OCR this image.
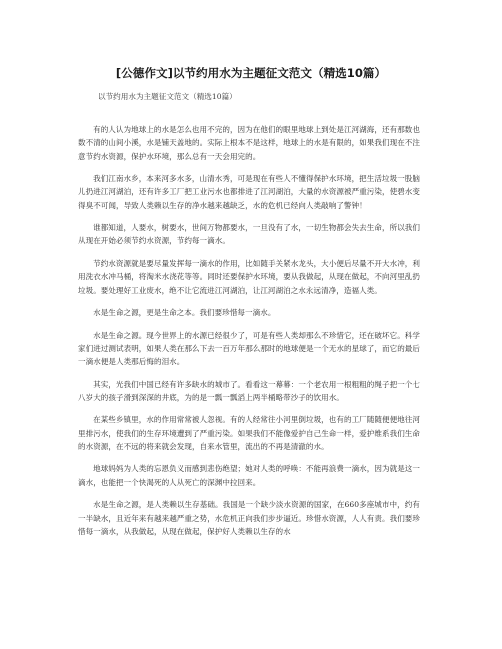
[公德作文]以节约用水为主题征文范文（精选10篇）
以节约用水为主题征文范文（精选10篇）

有的人认为地球上的水是怎么也用不完的，因为在他们的眼里地球上到处是江河湖海，还有那数也数不清的山间小溪，水是铺天盖地的。实际上根本不是这样，地球上的水是有限的，如果我们现在不注意节约水资源，保护水环境，那么总有一天会用完的。

我们江南水乡，本来河多水多，山清水秀，可是现在有些人不懂得保护水环境，把生活垃圾一股脑儿扔进江河湖泊，还有许多工厂把工业污水也都排进了江河湖泊，大量的水资源被严重污染，使碧水变得臭不可闻，导致人类赖以生存的净水越来越缺乏，水的危机已经向人类敲响了警钟！

谁都知道，人要水，树要水，世间万物都要水，一旦没有了水，一切生物都会失去生命，所以我们从现在开始必须节约水资源，节约每一滴水。

节约水资源就是要尽量发挥每一滴水的作用，比如随手关紧水龙头，大小便后尽量不开大水冲，利用洗衣水冲马桶，将淘米水浇花等等。同时还要保护水环境，要从我做起，从现在做起，不向河里乱扔垃圾。要处理好工业废水，绝不让它流进江河湖泊，让江河湖泊之水永远清净，造福人类。

水是生命之源，更是生命之本。我们要珍惜每一滴水。

水是生命之源。现今世界上的水源已经很少了，可是有些人类却那么不珍惜它，还在破坏它。科学家们进过测试表明，如果人类在那么下去一百万年那么那时的地球便是一个无水的星球了，而它的最后一滴水便是人类那后悔的泪水。

其实，光我们中国已经有许多缺水的城市了。看看这一幕幕：一个老农用一根粗粗的绳子把一个七八岁大的孩子滑到深深的井底，为的是一瓢一瓢滔上两半桶略带沙子的饮用水。

在某些乡镇里，水的作用常常被人忽视。有的人经常往小河里倒垃圾，也有的工厂随随便便地往河里排污水，使我们的生存环境遭到了严重污染。如果我们不能像爱护自己生命一样，爱护维系我们生命的水资源，在不远的将来就会发现，自来水管里，流出的不再是清澈的水。

地球妈妈为人类的忘恩负义而感到悲伤绝望；她对人类的呼唤：不能再浪费一滴水，因为就是这一滴水，也能把一个快渴死的人从死亡的深渊中拉回来。

水是生命之源，是人类赖以生存基础。我国是一个缺少淡水资源的国家，在660多座城市中，约有一半缺水，且近年来有越来越严重之势，水危机正向我们步步逼近。珍惜水资源，人人有责。我们要珍惜每一滴水，从我做起，从现在做起，保护好人类赖以生存的水
